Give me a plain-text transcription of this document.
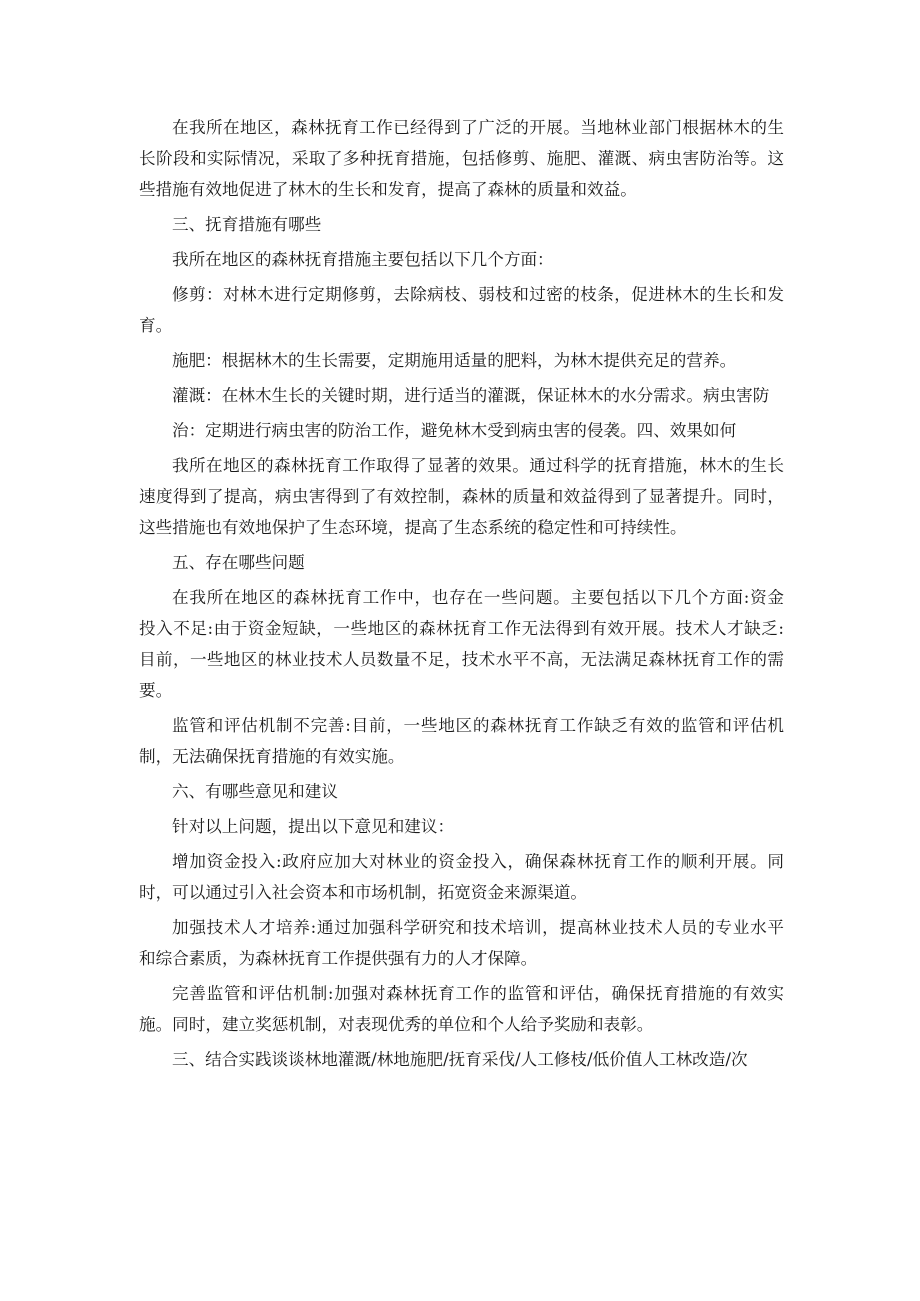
在我所在地区，森林抚育工作已经得到了广泛的开展。当地林业部门根据林木的生
长阶段和实际情况，采取了多种抚育措施，包括修剪、施肥、灌溉、病虫害防治等。这
些措施有效地促进了林木的生长和发育，提高了森林的质量和效益。
三、抚育措施有哪些
我所在地区的森林抚育措施主要包括以下几个方面：
修剪：对林木进行定期修剪，去除病枝、弱枝和过密的枝条，促进林木的生长和发
育。
施肥：根据林木的生长需要，定期施用适量的肥料，为林木提供充足的营养。
灌溉：在林木生长的关键时期，进行适当的灌溉，保证林木的水分需求。病虫害防
治：定期进行病虫害的防治工作，避免林木受到病虫害的侵袭。四、效果如何
我所在地区的森林抚育工作取得了显著的效果。通过科学的抚育措施，林木的生长
速度得到了提高，病虫害得到了有效控制，森林的质量和效益得到了显著提升。同时，
这些措施也有效地保护了生态环境，提高了生态系统的稳定性和可持续性。
五、存在哪些问题
在我所在地区的森林抚育工作中，也存在一些问题。主要包括以下几个方面:资金
投入不足:由于资金短缺，一些地区的森林抚育工作无法得到有效开展。技术人才缺乏:
目前，一些地区的林业技术人员数量不足，技术水平不高，无法满足森林抚育工作的需
要。
监管和评估机制不完善:目前，一些地区的森林抚育工作缺乏有效的监管和评估机
制，无法确保抚育措施的有效实施。
六、有哪些意见和建议
针对以上问题，提出以下意见和建议：
增加资金投入:政府应加大对林业的资金投入，确保森林抚育工作的顺利开展。同
时，可以通过引入社会资本和市场机制，拓宽资金来源渠道。
加强技术人才培养:通过加强科学研究和技术培训，提高林业技术人员的专业水平
和综合素质，为森林抚育工作提供强有力的人才保障。
完善监管和评估机制:加强对森林抚育工作的监管和评估，确保抚育措施的有效实
施。同时，建立奖惩机制，对表现优秀的单位和个人给予奖励和表彰。
三、结合实践谈谈林地灌溉/林地施肥/抚育采伐/人工修枝/低价值人工林改造/次
